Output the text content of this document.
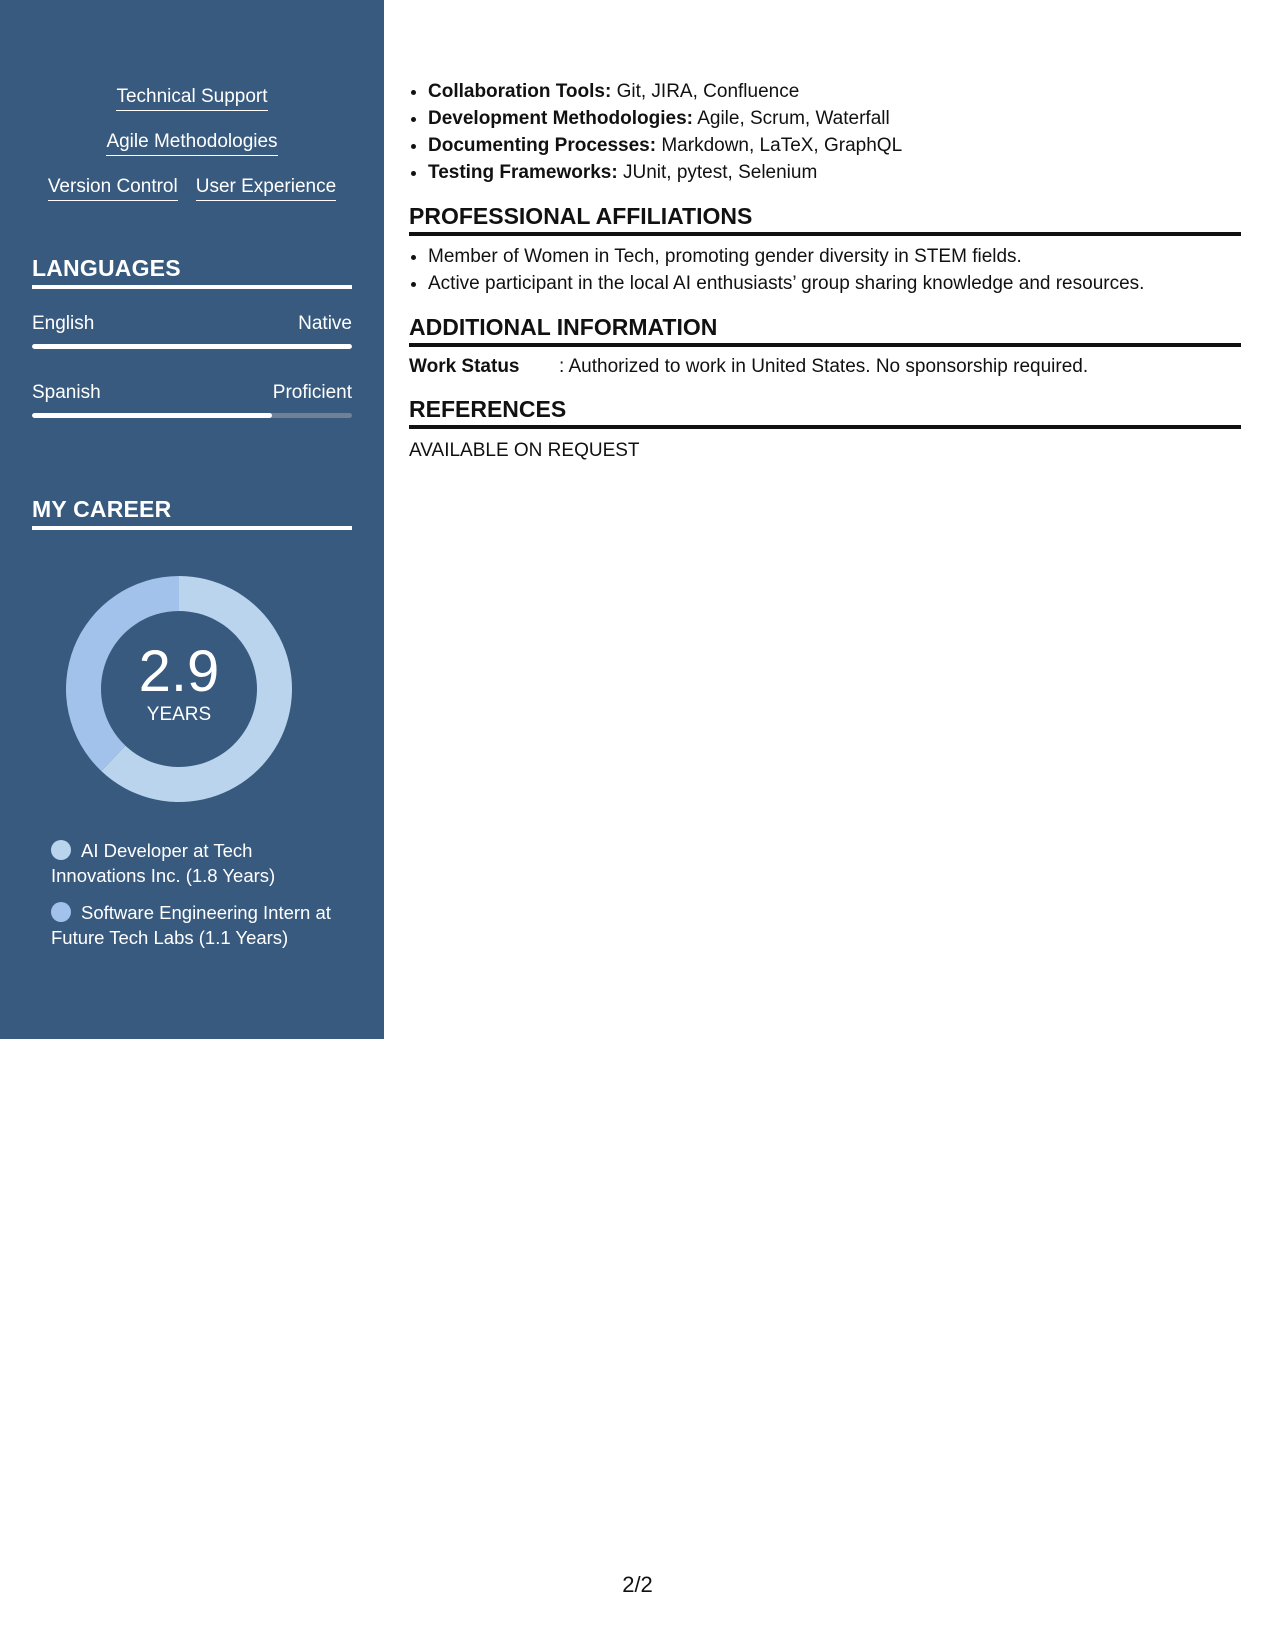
Technical Support
Agile Methodologies
Version Control User Experience
LANGUAGES
English	Native
Spanish	Proficient
MY CAREER
2.9
YEARS
AI Developer at Tech Innovations Inc. (1.8 Years)
Software Engineering Intern at Future Tech Labs (1.1 Years)
• Collaboration Tools: Git, JIRA, Confluence
• Development Methodologies: Agile, Scrum, Waterfall
• Documenting Processes: Markdown, LaTeX, GraphQL
• Testing Frameworks: JUnit, pytest, Selenium
PROFESSIONAL AFFILIATIONS
• Member of Women in Tech, promoting gender diversity in STEM fields.
• Active participant in the local AI enthusiasts’ group sharing knowledge and resources.
ADDITIONAL INFORMATION
Work Status	: Authorized to work in United States. No sponsorship required.
REFERENCES
AVAILABLE ON REQUEST
2/2
